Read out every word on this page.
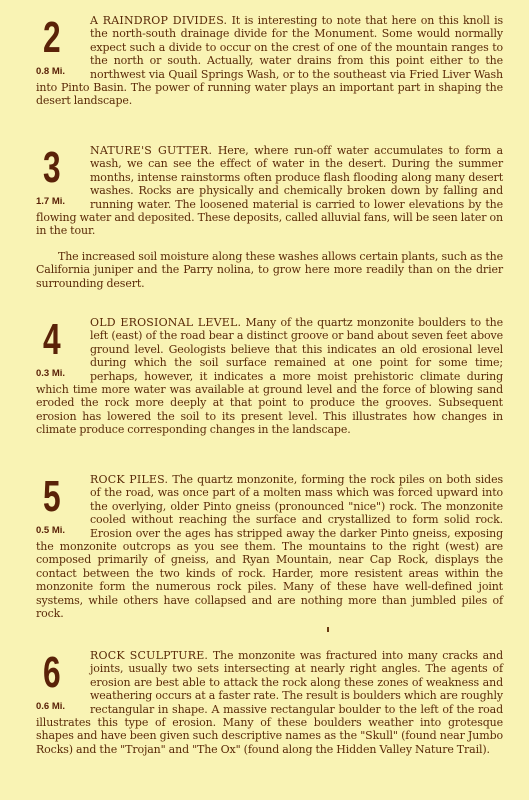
2
0.8 Mi.

A RAINDROP DIVIDES. It is interesting to note that here on this knoll is the north-south drainage divide for the Monument. Some would normally expect such a divide to occur on the crest of one of the mountain ranges to the north or south. Actually, water drains from this point either to the northwest via Quail Springs Wash, or to the southeast via Fried Liver Wash into Pinto Basin. The power of running water plays an important part in shaping the desert landscape.

3
1.7 Mi.

NATURE'S GUTTER. Here, where run-off water accumulates to form a wash, we can see the effect of water in the desert. During the summer months, intense rainstorms often produce flash flooding along many desert washes. Rocks are physically and chemically broken down by falling and running water. The loosened material is carried to lower elevations by the flowing water and deposited. These deposits, called alluvial fans, will be seen later on in the tour.

The increased soil moisture along these washes allows certain plants, such as the California juniper and the Parry nolina, to grow here more readily than on the drier surrounding desert.

4
0.3 Mi.

OLD EROSIONAL LEVEL. Many of the quartz monzonite boulders to the left (east) of the road bear a distinct groove or band about seven feet above ground level. Geologists believe that this indicates an old erosional level during which the soil surface remained at one point for some time; perhaps, however, it indicates a more moist prehistoric climate during which time more water was available at ground level and the force of blowing sand eroded the rock more deeply at that point to produce the grooves. Subsequent erosion has lowered the soil to its present level. This illustrates how changes in climate produce corresponding changes in the landscape.

5
0.5 Mi.

ROCK PILES. The quartz monzonite, forming the rock piles on both sides of the road, was once part of a molten mass which was forced upward into the overlying, older Pinto gneiss (pronounced "nice") rock. The monzonite cooled without reaching the surface and crystallized to form solid rock. Erosion over the ages has stripped away the darker Pinto gneiss, exposing the monzonite outcrops as you see them. The mountains to the right (west) are composed primarily of gneiss, and Ryan Mountain, near Cap Rock, displays the contact between the two kinds of rock. Harder, more resistent areas within the monzonite form the numerous rock piles. Many of these have well-defined joint systems, while others have collapsed and are nothing more than jumbled piles of rock.

6
0.6 Mi.

ROCK SCULPTURE. The monzonite was fractured into many cracks and joints, usually two sets intersecting at nearly right angles. The agents of erosion are best able to attack the rock along these zones of weakness and weathering occurs at a faster rate. The result is boulders which are roughly rectangular in shape. A massive rectangular boulder to the left of the road illustrates this type of erosion. Many of these boulders weather into grotesque shapes and have been given such descriptive names as the "Skull" (found near Jumbo Rocks) and the "Trojan" and "The Ox" (found along the Hidden Valley Nature Trail).
